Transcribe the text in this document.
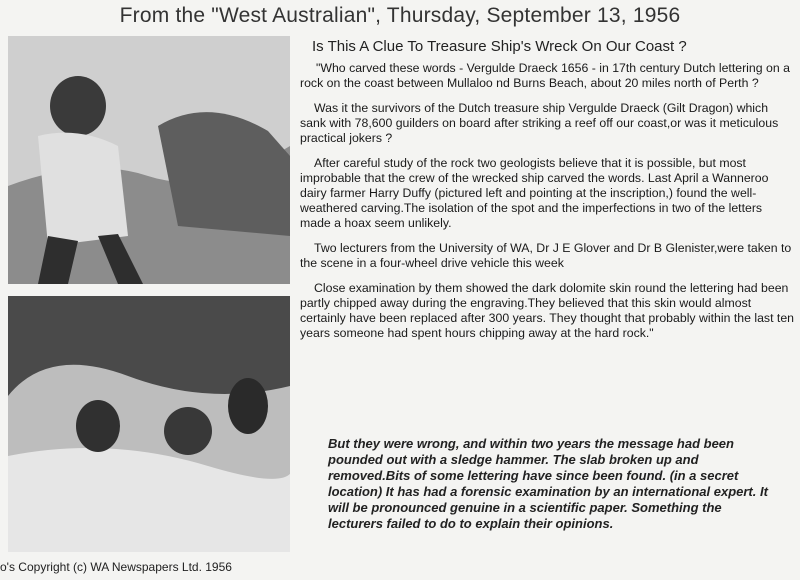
From the "West Australian", Thursday, September 13, 1956
o's Copyright (c) WA Newspapers Ltd. 1956
Is This A Clue To Treasure Ship's Wreck On Our Coast ?

"Who carved these words - Vergulde Draeck 1656 - in 17th century Dutch lettering on a rock on the coast between Mullaloo nd Burns Beach, about 20 miles north of Perth ?

Was it the survivors of the Dutch treasure ship Vergulde Draeck (Gilt Dragon) which sank with 78,600 guilders on board after striking a reef off our coast,or was it meticulous practical jokers ?

After careful study of the rock two geologists believe that it is possible, but most improbable that the crew of the wrecked ship carved the words. Last April a Wanneroo dairy farmer Harry Duffy (pictured left and pointing at the inscription,) found the well-weathered carving.The isolation of the spot and the imperfections in two of the letters made a hoax seem unlikely.

Two lecturers from the University of WA, Dr J E Glover and Dr B Glenister,were taken to the scene in a four-wheel drive vehicle this week

Close examination by them showed the dark dolomite skin round the lettering had been partly chipped away during the engraving.They believed that this skin would almost certainly have been replaced after 300 years. They thought that probably within the last ten years someone had spent hours chipping away at the hard rock."

But they were wrong, and within two years the message had been pounded out with a sledge hammer. The slab broken up and removed.Bits of some lettering have since been found. (in a secret location) It has had a forensic examination by an international expert. It will be pronounced genuine in a scientific paper. Something the lecturers failed to do to explain their opinions.
